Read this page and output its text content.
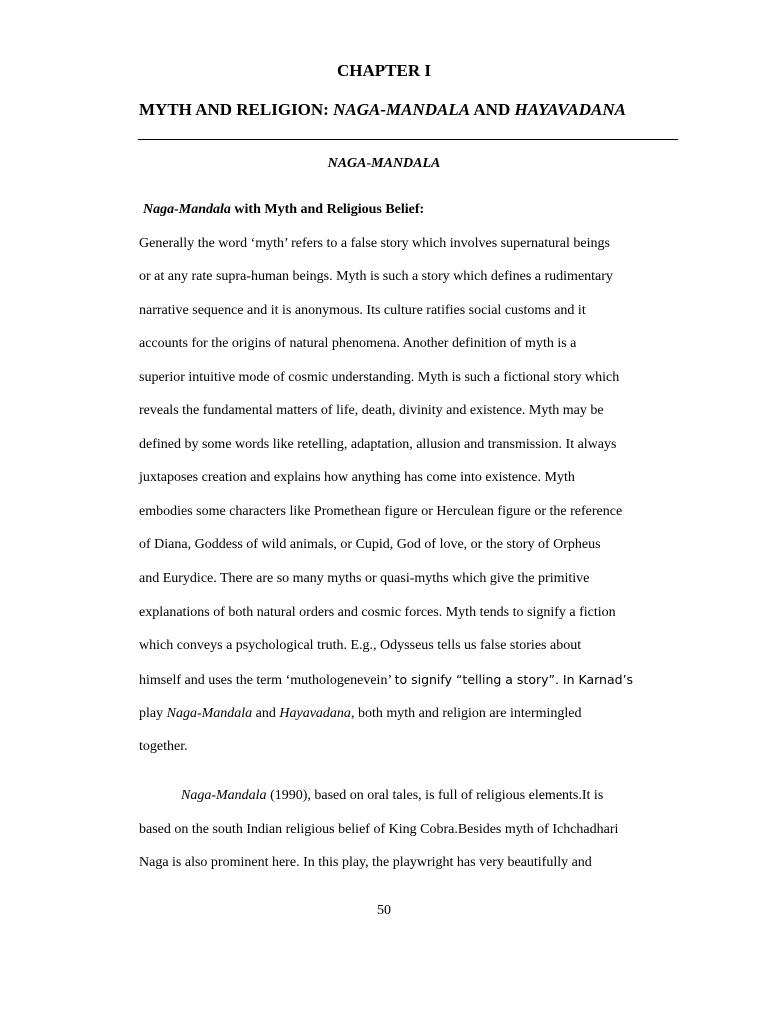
CHAPTER I
MYTH AND RELIGION: NAGA-MANDALA AND HAYAVADANA
NAGA-MANDALA
Naga-Mandala with Myth and Religious Belief:
Generally the word ‘myth’ refers to a false story which involves supernatural beings
or at any rate supra-human beings. Myth is such a story which defines a rudimentary
narrative sequence and it is anonymous. Its culture ratifies social customs and it
accounts for the origins of natural phenomena. Another definition of myth is a
superior intuitive mode of cosmic understanding. Myth is such a fictional story which
reveals the fundamental matters of life, death, divinity and existence. Myth may be
defined by some words like retelling, adaptation, allusion and transmission. It always
juxtaposes creation and explains how anything has come into existence. Myth
embodies some characters like Promethean figure or Herculean figure or the reference
of Diana, Goddess of wild animals, or Cupid, God of love, or the story of Orpheus
and Eurydice. There are so many myths or quasi-myths which give the primitive
explanations of both natural orders and cosmic forces. Myth tends to signify a fiction
which conveys a psychological truth. E.g., Odysseus tells us false stories about
himself and uses the term ‘muthologenevein’ to signify “telling a story”. In Karnad’s
play Naga-Mandala and Hayavadana, both myth and religion are intermingled
together.
Naga-Mandala (1990), based on oral tales, is full of religious elements.It is
based on the south Indian religious belief of King Cobra.Besides myth of Ichchadhari
Naga is also prominent here. In this play, the playwright has very beautifully and
50
